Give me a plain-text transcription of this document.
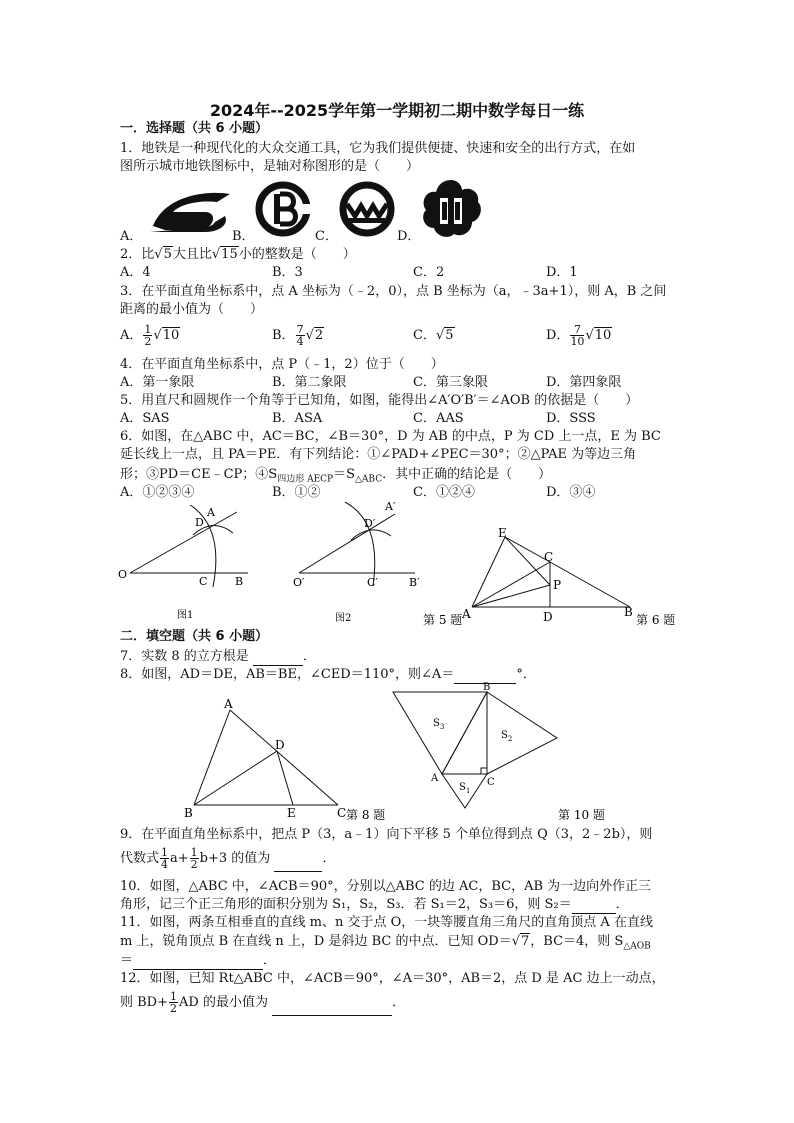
2024年--2025学年第一学期初二期中数学每日一练
一．选择题（共 6 小题）
1．地铁是一种现代化的大众交通工具，它为我们提供便捷、快速和安全的出行方式，在如
图所示城市地铁图标中，是轴对称图形的是（　　）
A．	B．	C．	D．
2．比√5大且比√15小的整数是（　　）
A．4	B．3	C．2	D．1
3．在平面直角坐标系中，点 A 坐标为（﹣2，0），点 B 坐标为（a，﹣3a+1），则 A，B 之间
距离的最小值为（　　）
A． $\frac{1}{2} √10$	B． $\frac{7}{4} √2$	C．√5	D． $\frac{7}{10} √10$
4．在平面直角坐标系中，点 P（﹣1，2）位于（　　）
A．第一象限	B．第二象限	C．第三象限	D．第四象限
5．用直尺和圆规作一个角等于已知角，如图，能得出∠A′O′B′＝∠AOB 的依据是（　　）
A．SAS	B．ASA	C．AAS	D．SSS
6．如图，在△ABC 中，AC＝BC，∠B＝30°，D 为 AB 的中点，P 为 CD 上一点，E 为 BC
延长线上一点，且 PA＝PE．有下列结论：①∠PAD+∠PEC＝30°；②△PAE 为等边三角
形；③PD＝CE﹣CP；$④S_{四边形 AECP}=S_{\triangle ABC}$．其中正确的结论是（　　）
A．①②③④	B．①②	C．①②④	D．③④
O
C	B
D
A
图1
O′	C′	B′
D′
A′
图2
E
C
P
A	D	B
第 5 题	第 6 题
二．填空题（共 6 小题）
7．实数 8 的立方根是	．
8．如图，AD＝DE，AB＝BE，∠CED＝110°，则∠A＝	°．
A
D
B	E	C 第 8 题
B
A	C
$S_3$
$S_2$
$S_1$
第 10 题
9．在平面直角坐标系中，把点 P（3，a﹣1）向下平移 5 个单位得到点 Q（3，2﹣2b），则
代数式 $\frac{1}{4} a+ \frac{1}{2} b+3$ 的值为	．
10．如图，△ABC 中，∠ACB＝90°，分别以△ABC 的边 AC，BC，AB 为一边向外作正三
角形，记三个正三角形的面积分别为 S₁，S₂，S₃．若 S₁＝2，S₃＝6，则 S₂＝	．
11．如图，两条互相垂直的直线 m、n 交于点 O，一块等腰直角三角尺的直角顶点 A 在直线
m 上，锐角顶点 B 在直线 n 上，D 是斜边 BC 的中点．已知 OD＝√7，BC＝4，则 $S_{\triangle AOB}$
＝	．
12．如图，已知 Rt△ABC 中，∠ACB＝90°，∠A＝30°，AB＝2，点 D 是 AC 边上一动点，
则 $BD+ \frac{1}{2}$ AD 的最小值为	．
